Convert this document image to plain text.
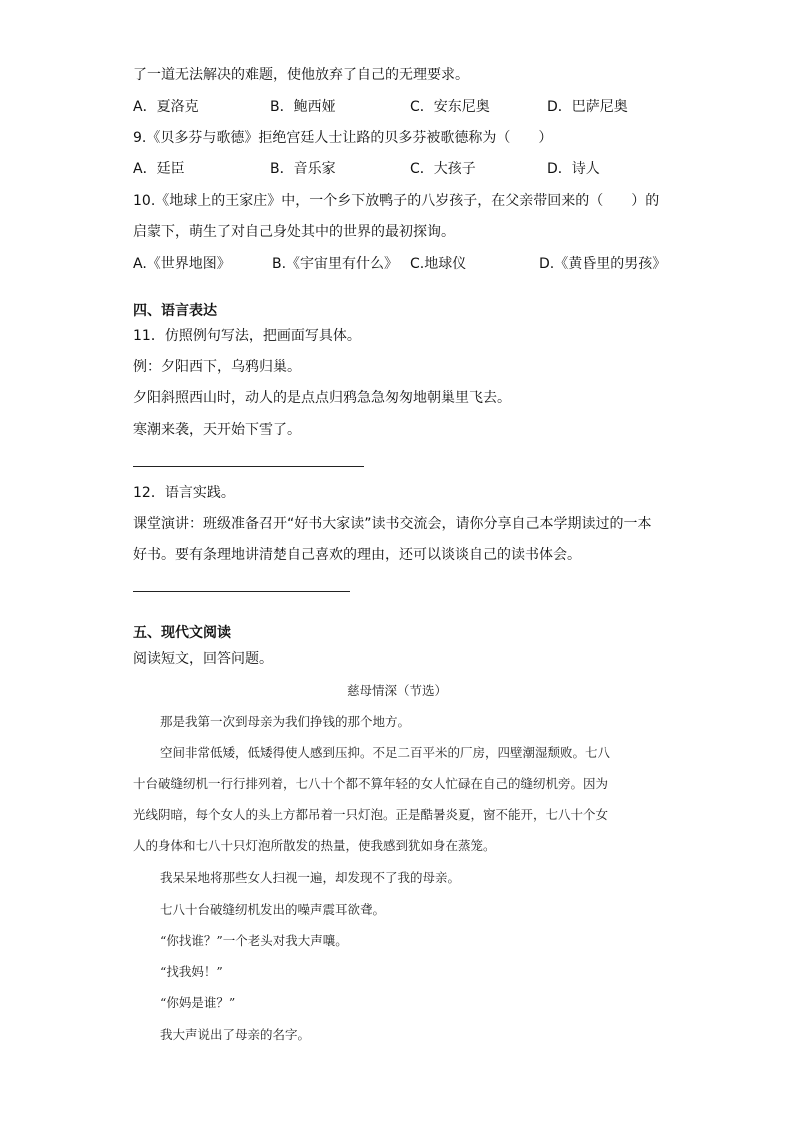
了一道无法解决的难题，使他放弃了自己的无理要求。
A．夏洛克	B．鲍西娅	C．安东尼奥	D．巴萨尼奥
9.《贝多芬与歌德》拒绝宫廷人士让路的贝多芬被歌德称为（　　）
A．廷臣	B．音乐家	C．大孩子	D．诗人
10.《地球上的王家庄》中，一个乡下放鸭子的八岁孩子，在父亲带回来的（　　）的
启蒙下，萌生了对自己身处其中的世界的最初探询。
A.《世界地图》	B.《宇宙里有什么》 C.地球仪	D.《黄昏里的男孩》
四、语言表达
11．仿照例句写法，把画面写具体。
例：夕阳西下，乌鸦归巢。
夕阳斜照西山时，动人的是点点归鸦急急匆匆地朝巢里飞去。
寒潮来袭，天开始下雪了。
12．语言实践。
课堂演讲：班级准备召开“好书大家读”读书交流会，请你分享自己本学期读过的一本
好书。要有条理地讲清楚自己喜欢的理由，还可以谈谈自己的读书体会。
五、现代文阅读
阅读短文，回答问题。
慈母情深（节选）
那是我第一次到母亲为我们挣钱的那个地方。
空间非常低矮，低矮得使人感到压抑。不足二百平米的厂房，四壁潮湿颓败。七八
十台破缝纫机一行行排列着，七八十个都不算年轻的女人忙碌在自己的缝纫机旁。因为
光线阴暗，每个女人的头上方都吊着一只灯泡。正是酷暑炎夏，窗不能开，七八十个女
人的身体和七八十只灯泡所散发的热量，使我感到犹如身在蒸笼。
我呆呆地将那些女人扫视一遍，却发现不了我的母亲。
七八十台破缝纫机发出的噪声震耳欲聋。
“你找谁？”一个老头对我大声嚷。
“找我妈！”
“你妈是谁？”
我大声说出了母亲的名字。
